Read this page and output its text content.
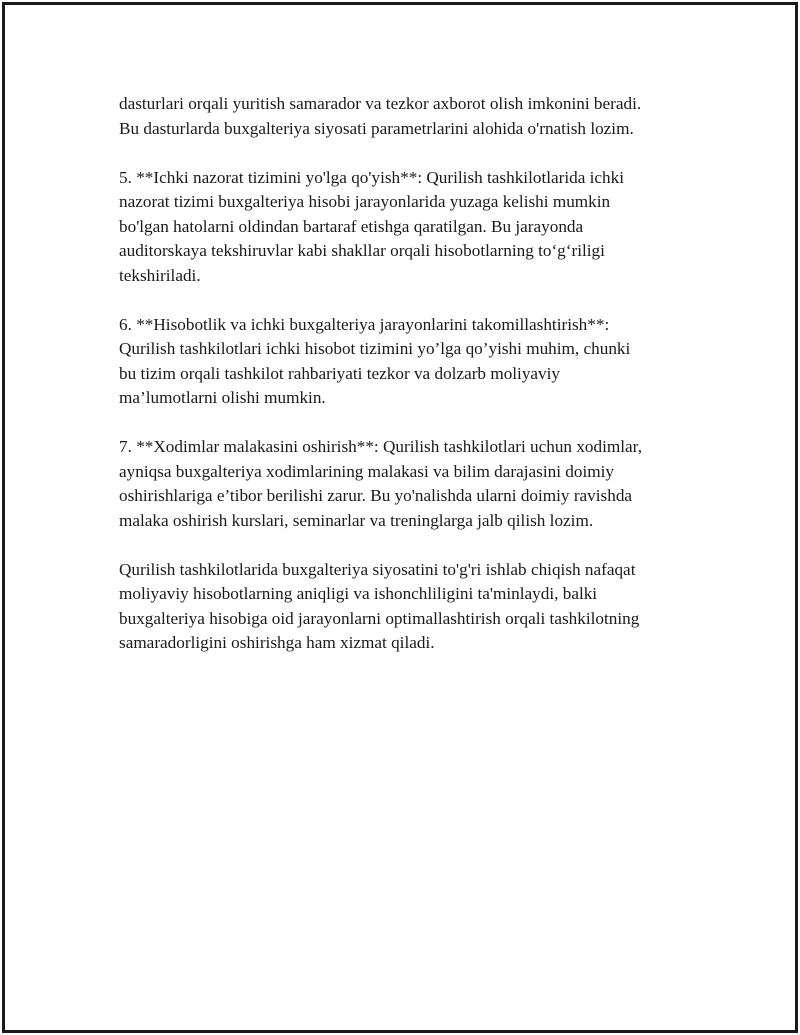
dasturlari orqali yuritish samarador va tezkor axborot olish imkonini beradi.
Bu dasturlarda buxgalteriya siyosati parametrlarini alohida o'rnatish lozim.

5. **Ichki nazorat tizimini yo'lga qo'yish**: Qurilish tashkilotlarida ichki
nazorat tizimi buxgalteriya hisobi jarayonlarida yuzaga kelishi mumkin
bo'lgan hatolarni oldindan bartaraf etishga qaratilgan. Bu jarayonda
auditorskaya tekshiruvlar kabi shakllar orqali hisobotlarning to‘g‘riligi
tekshiriladi.

6. **Hisobotlik va ichki buxgalteriya jarayonlarini takomillashtirish**:
Qurilish tashkilotlari ichki hisobot tizimini yo’lga qo’yishi muhim, chunki
bu tizim orqali tashkilot rahbariyati tezkor va dolzarb moliyaviy
ma’lumotlarni olishi mumkin.

7. **Xodimlar malakasini oshirish**: Qurilish tashkilotlari uchun xodimlar,
ayniqsa buxgalteriya xodimlarining malakasi va bilim darajasini doimiy
oshirishlariga e’tibor berilishi zarur. Bu yo'nalishda ularni doimiy ravishda
malaka oshirish kurslari, seminarlar va treninglarga jalb qilish lozim.

Qurilish tashkilotlarida buxgalteriya siyosatini to'g'ri ishlab chiqish nafaqat
moliyaviy hisobotlarning aniqligi va ishonchliligini ta'minlaydi, balki
buxgalteriya hisobiga oid jarayonlarni optimallashtirish orqali tashkilotning
samaradorligini oshirishga ham xizmat qiladi.
